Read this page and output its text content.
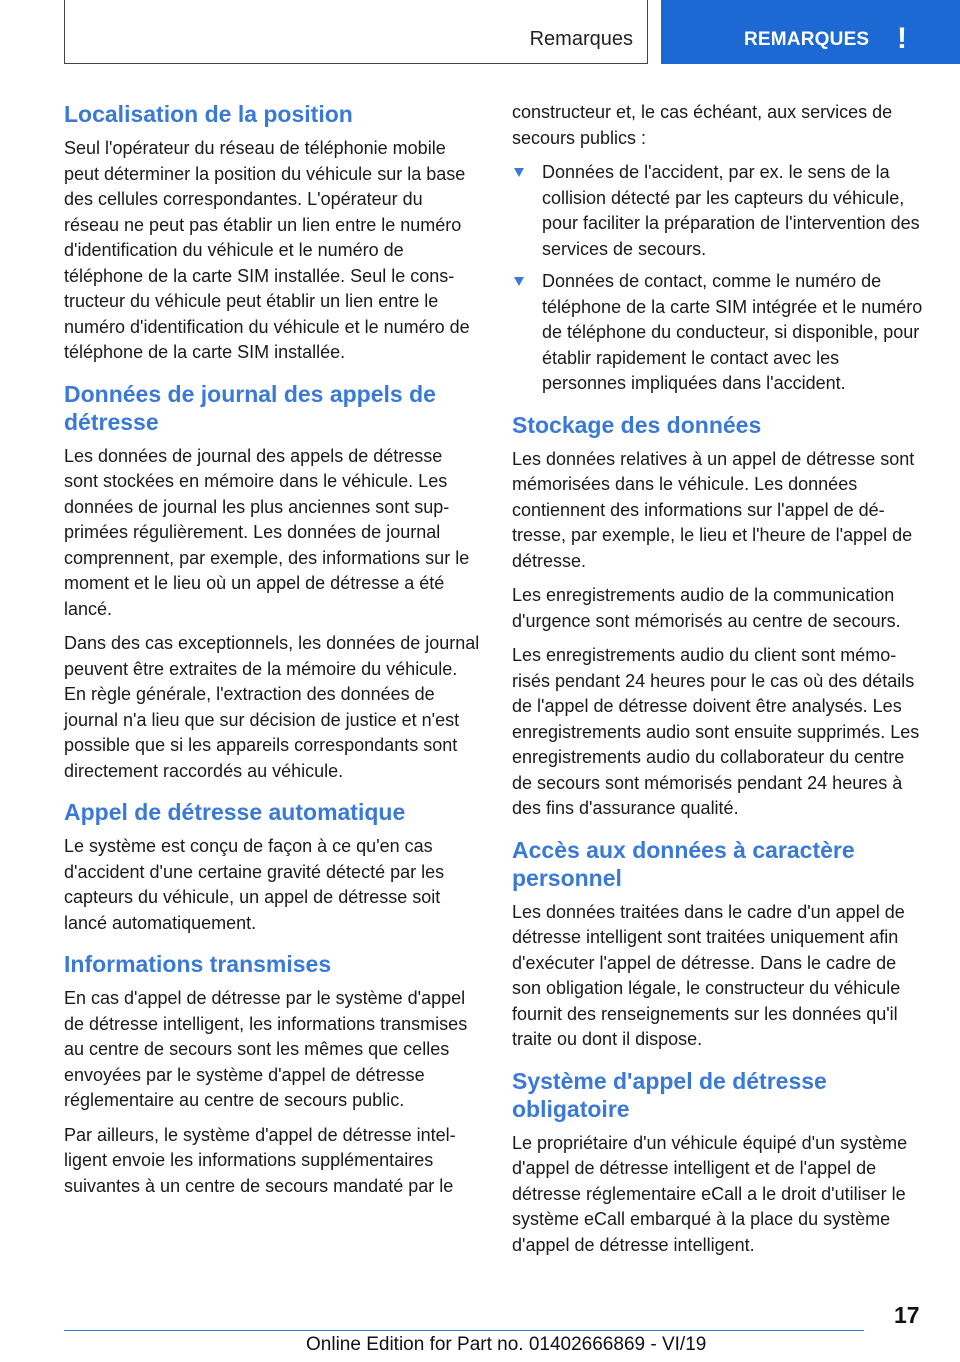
Remarques	REMARQUES !
Localisation de la position

Seul l'opérateur du réseau de téléphonie mobile peut déterminer la position du véhicule sur la base des cellules correspondantes. L'opérateur du réseau ne peut pas établir un lien entre le numéro d'identification du véhicule et le numéro de téléphone de la carte SIM installée. Seul le constructeur du véhicule peut établir un lien entre le numéro d'identification du véhicule et le numéro de téléphone de la carte SIM installée.

Données de journal des appels de détresse

Les données de journal des appels de détresse sont stockées en mémoire dans le véhicule. Les données de journal les plus anciennes sont supprimées régulièrement. Les données de journal comprennent, par exemple, des informations sur le moment et le lieu où un appel de détresse a été lancé.

Dans des cas exceptionnels, les données de journal peuvent être extraites de la mémoire du véhicule. En règle générale, l'extraction des données de journal n'a lieu que sur décision de justice et n'est possible que si les appareils correspondants sont directement raccordés au véhicule.

Appel de détresse automatique

Le système est conçu de façon à ce qu'en cas d'accident d'une certaine gravité détecté par les capteurs du véhicule, un appel de détresse soit lancé automatiquement.

Informations transmises

En cas d'appel de détresse par le système d'appel de détresse intelligent, les informations transmises au centre de secours sont les mêmes que celles envoyées par le système d'appel de détresse réglementaire au centre de secours public.

Par ailleurs, le système d'appel de détresse intelligent envoie les informations supplémentaires suivantes à un centre de secours mandaté par le

constructeur et, le cas échéant, aux services de secours publics :

Données de l'accident, par ex. le sens de la collision détecté par les capteurs du véhicule, pour faciliter la préparation de l'intervention des services de secours.
Données de contact, comme le numéro de téléphone de la carte SIM intégrée et le numéro de téléphone du conducteur, si disponible, pour établir rapidement le contact avec les personnes impliquées dans l'accident.
Stockage des données

Les données relatives à un appel de détresse sont mémorisées dans le véhicule. Les données contiennent des informations sur l'appel de détresse, par exemple, le lieu et l'heure de l'appel de détresse.

Les enregistrements audio de la communication d'urgence sont mémorisés au centre de secours.

Les enregistrements audio du client sont mémorisés pendant 24 heures pour le cas où des détails de l'appel de détresse doivent être analysés. Les enregistrements audio sont ensuite supprimés. Les enregistrements audio du collaborateur du centre de secours sont mémorisés pendant 24 heures à des fins d'assurance qualité.

Accès aux données à caractère personnel

Les données traitées dans le cadre d'un appel de détresse intelligent sont traitées uniquement afin d'exécuter l'appel de détresse. Dans le cadre de son obligation légale, le constructeur du véhicule fournit des renseignements sur les données qu'il traite ou dont il dispose.

Système d'appel de détresse obligatoire

Le propriétaire d'un véhicule équipé d'un système d'appel de détresse intelligent et de l'appel de détresse réglementaire eCall a le droit d'utiliser le système eCall embarqué à la place du système d'appel de détresse intelligent.

17
Online Edition for Part no. 01402666869 - VI/19
